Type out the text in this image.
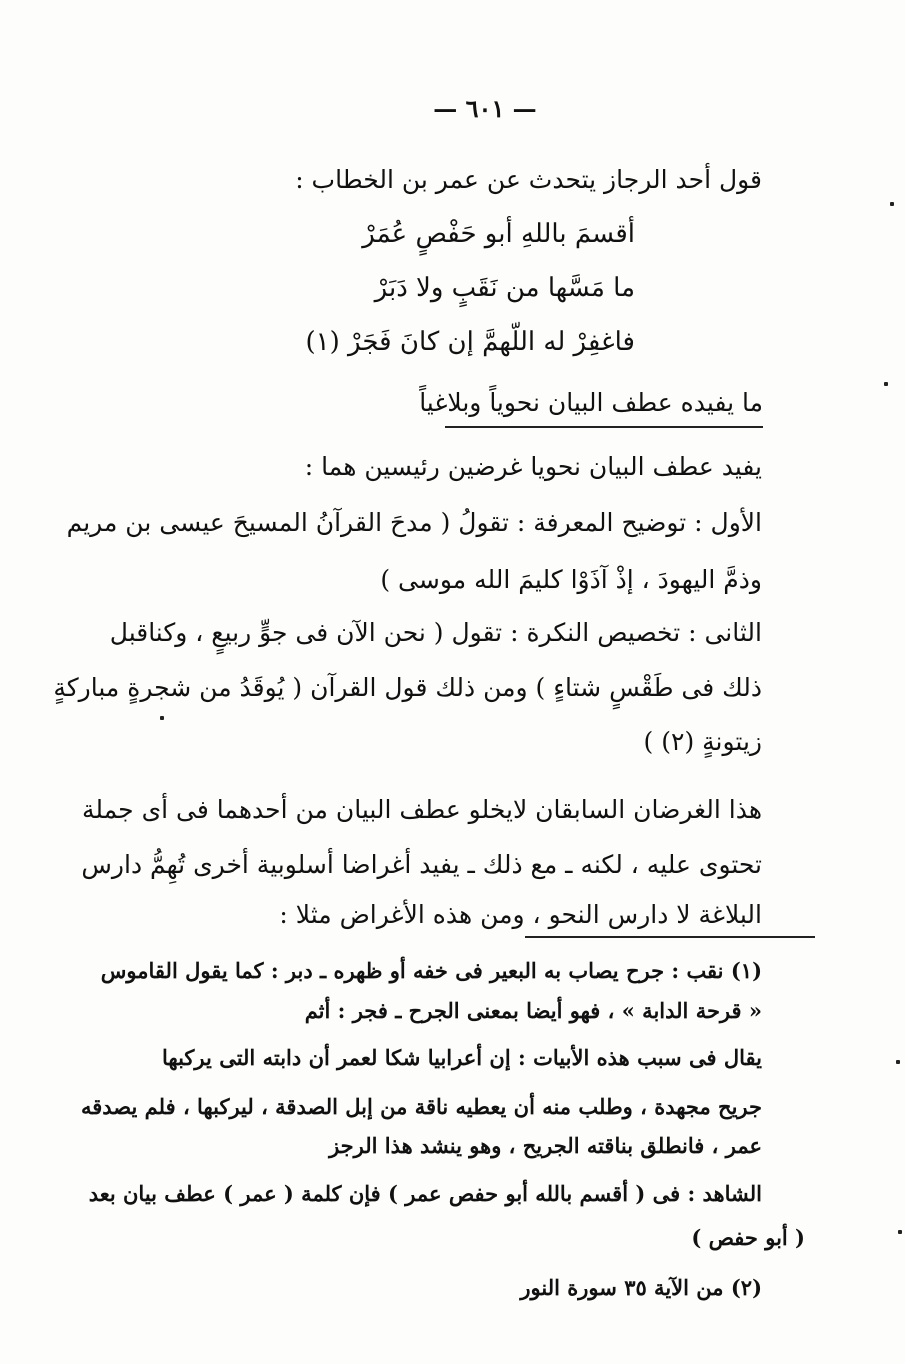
— ٦٠١ —
قول أحد الرجاز يتحدث عن عمر بن الخطاب :
أقسمَ باللهِ أبو حَفْصٍ عُمَرْ
ما مَسَّها من نَقَبٍ ولا دَبَرْ
فاغفِرْ له اللّهمَّ إن كانَ فَجَرْ (١)
ما يفيده عطف البيان نحوياً وبلاغياً
يفيد عطف البيان نحويا غرضين رئيسين هما :
الأول : توضيح المعرفة : تقولُ ( مدحَ القرآنُ المسيحَ عيسى بن مريم
وذمَّ اليهودَ ، إذْ آذَوْا كليمَ الله موسى )
الثانى : تخصيص النكرة : تقول ( نحن الآن فى جوٍّ ربيعٍ ، وكناقبل
ذلك فى طَقْسٍ شتاءٍ ) ومن ذلك قول القرآن ( يُوقَدُ من شجرةٍ مباركةٍ
زيتونةٍ (٢) )
هذا الغرضان السابقان لايخلو عطف البيان من أحدهما فى أى جملة
تحتوى عليه ، لكنه ـ مع ذلك ـ يفيد أغراضا أسلوبية أخرى تُهِمُّ دارس
البلاغة لا دارس النحو ، ومن هذه الأغراض مثلا :
(١) نقب : جرح يصاب به البعير فى خفه أو ظهره ـ دبر : كما يقول القاموس
« قرحة الدابة » ، فهو أيضا بمعنى الجرح ـ فجر : أثم
يقال فى سبب هذه الأبيات : إن أعرابيا شكا لعمر أن دابته التى يركبها
جريح مجهدة ، وطلب منه أن يعطيه ناقة من إبل الصدقة ، ليركبها ، فلم يصدقه
عمر ، فانطلق بناقته الجريح ، وهو ينشد هذا الرجز
الشاهد : فى ( أقسم بالله أبو حفص عمر ) فإن كلمة ( عمر ) عطف بيان بعد
( أبو حفص )
(٢) من الآية ٣٥ سورة النور
